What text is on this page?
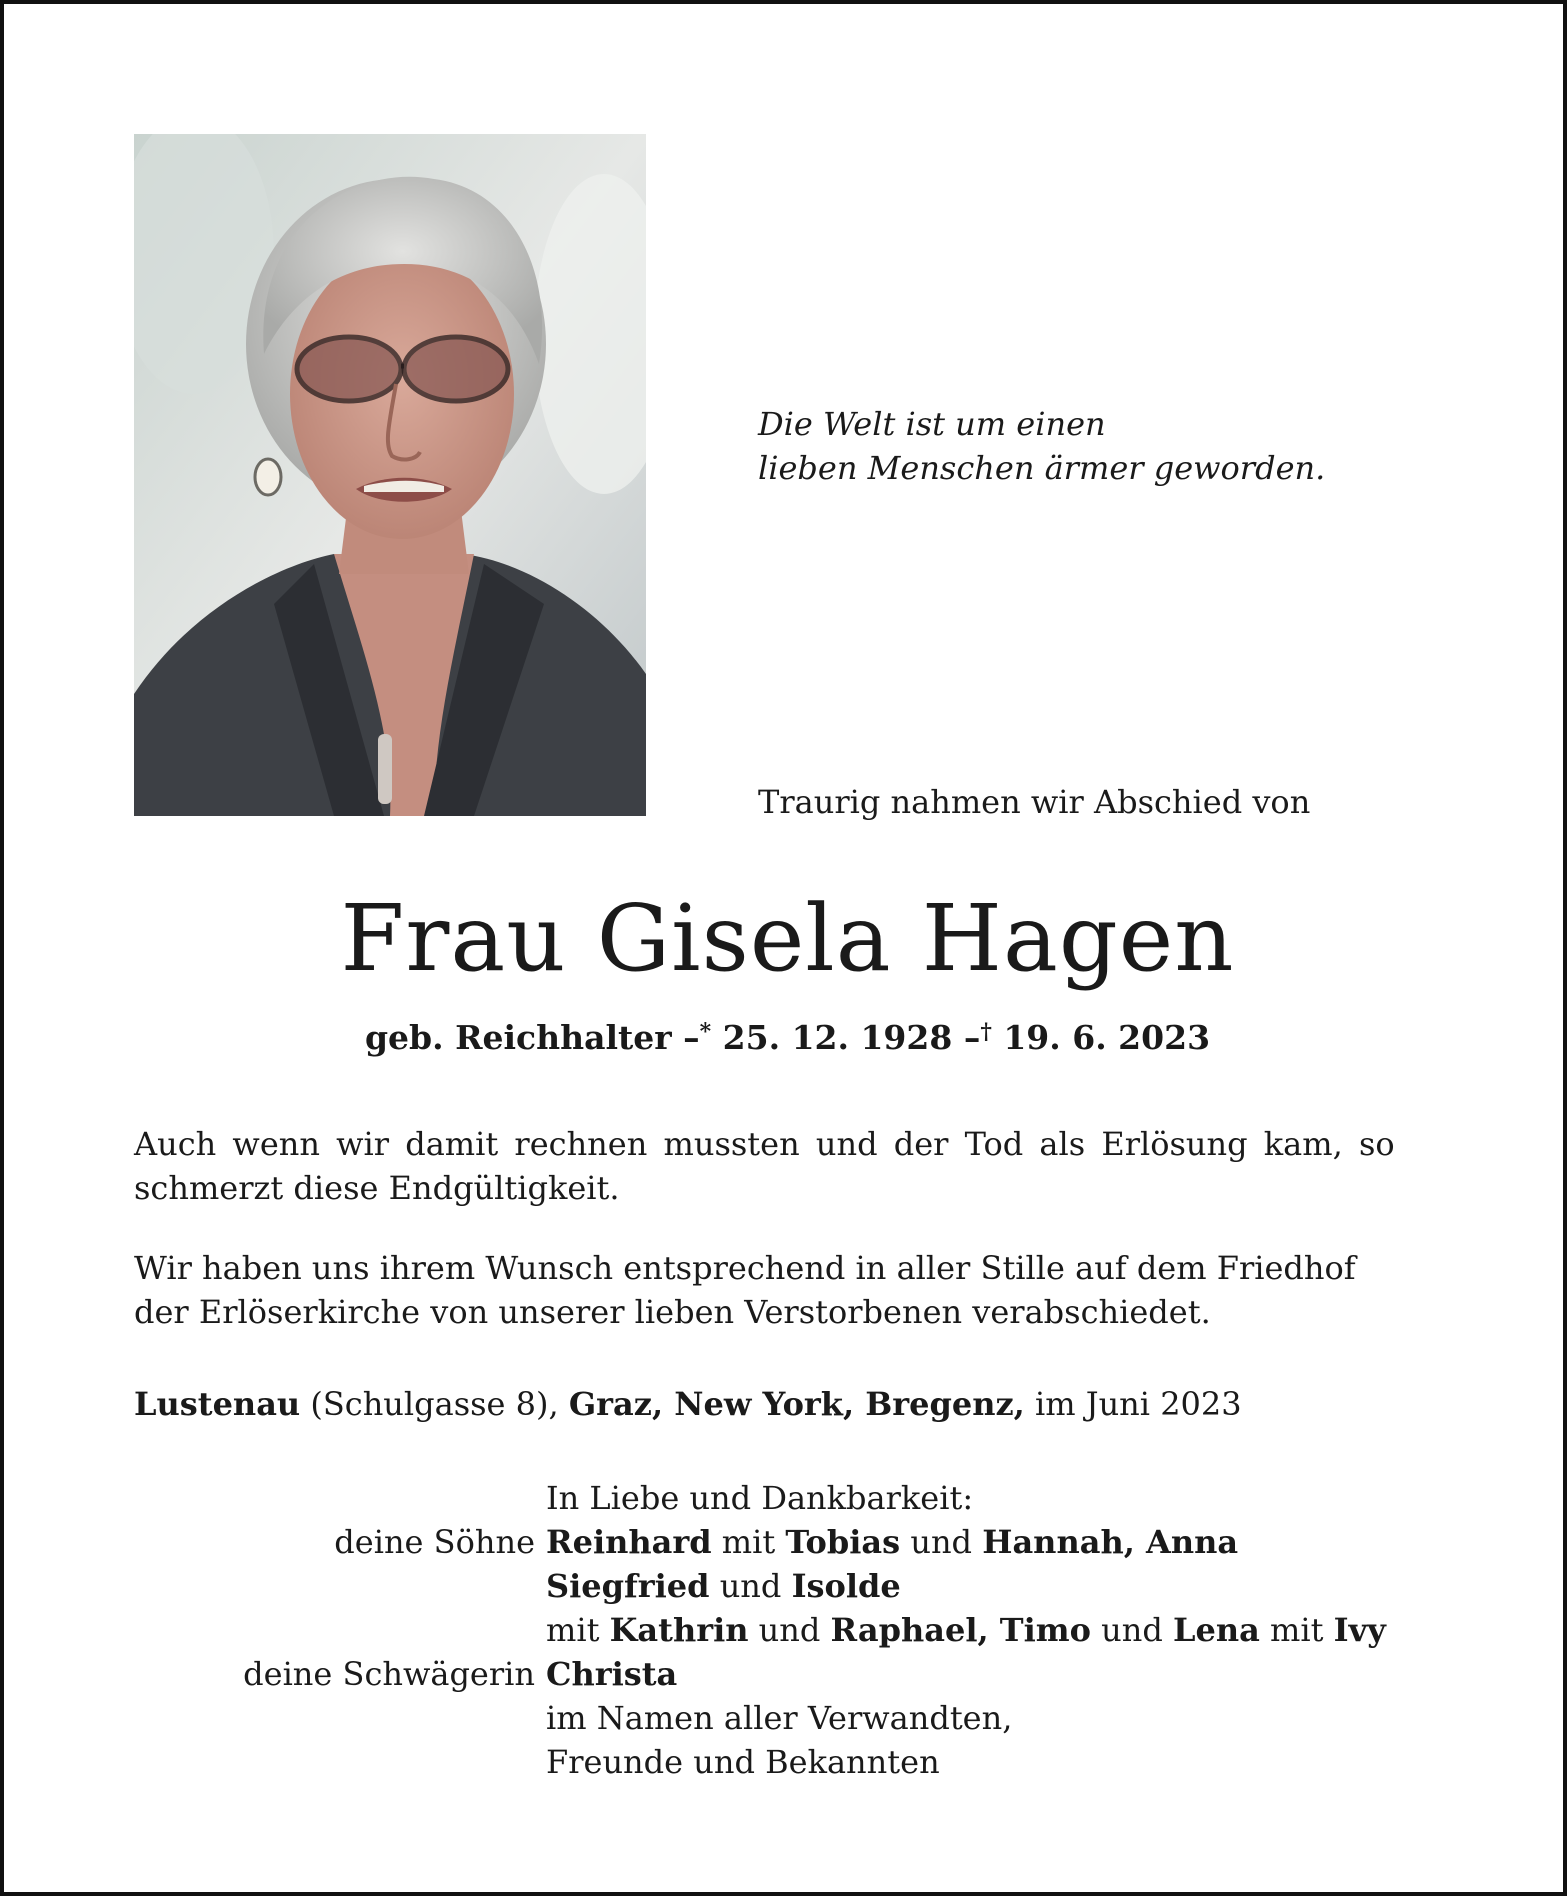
Die Welt ist um einen
lieben Menschen ärmer geworden.
Traurig nahmen wir Abschied von
Frau Gisela Hagen
geb. Reichhalter –* 25. 12. 1928 –† 19. 6. 2023
Auch wenn wir damit rechnen mussten und der Tod als Erlösung kam, so
schmerzt diese Endgültigkeit.
Wir haben uns ihrem Wunsch entsprechend in aller Stille auf dem Friedhof
der Erlöserkirche von unserer lieben Verstorbenen verabschiedet.
Lustenau (Schulgasse 8), Graz, New York, Bregenz, im Juni 2023
In Liebe und Dankbarkeit:
deine Söhne Reinhard mit Tobias und Hannah, Anna
Siegfried und Isolde
mit Kathrin und Raphael, Timo und Lena mit Ivy
deine Schwägerin Christa
im Namen aller Verwandten,
Freunde und Bekannten
